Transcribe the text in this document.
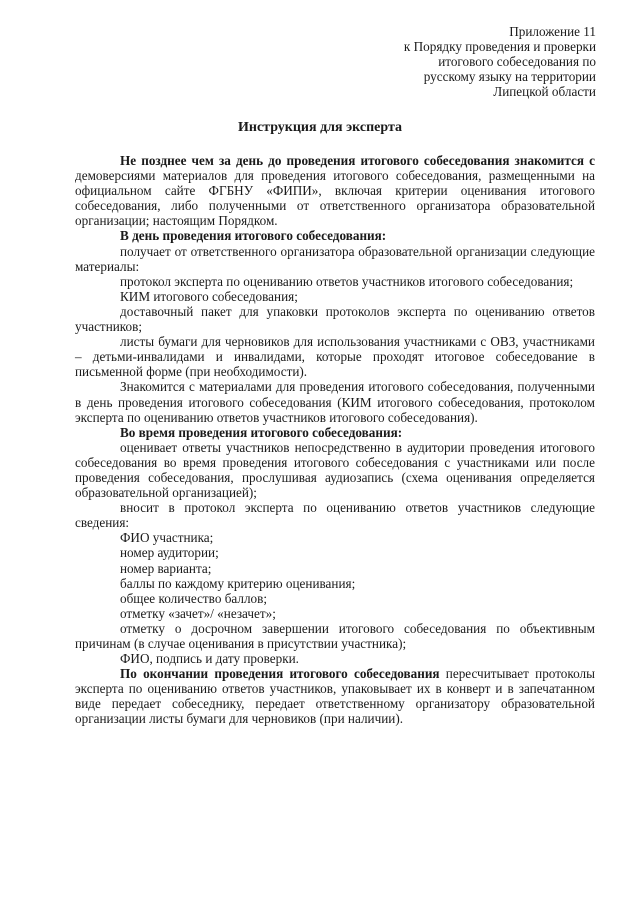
Приложение 11
к Порядку проведения и проверки
итогового собеседования по
русскому языку на территории
Липецкой области
Инструкция для эксперта

Не позднее чем за день до проведения итогового собеседования знакомится с демоверсиями материалов для проведения итогового собеседования, размещенными на официальном сайте ФГБНУ «ФИПИ», включая критерии оценивания итогового собеседования, либо полученными от ответственного организатора образовательной организации; настоящим Порядком.

В день проведения итогового собеседования:

получает от ответственного организатора образовательной организации следующие материалы:

протокол эксперта по оцениванию ответов участников итогового собеседования;

КИМ итогового собеседования;

доставочный пакет для упаковки протоколов эксперта по оцениванию ответов участников;

листы бумаги для черновиков для использования участниками с ОВЗ, участниками – детьми-инвалидами и инвалидами, которые проходят итоговое собеседование в письменной форме (при необходимости).

Знакомится с материалами для проведения итогового собеседования, полученными в день проведения итогового собеседования (КИМ итогового собеседования, протоколом эксперта по оцениванию ответов участников итогового собеседования).

Во время проведения итогового собеседования:

оценивает ответы участников непосредственно в аудитории проведения итогового собеседования во время проведения итогового собеседования с участниками или после проведения собеседования, прослушивая аудиозапись (схема оценивания определяется образовательной организацией);

вносит в протокол эксперта по оцениванию ответов участников следующие сведения:

ФИО участника;

номер аудитории;

номер варианта;

баллы по каждому критерию оценивания;

общее количество баллов;

отметку «зачет»/ «незачет»;

отметку о досрочном завершении итогового собеседования по объективным причинам (в случае оценивания в присутствии участника);

ФИО, подпись и дату проверки.

По окончании проведения итогового собеседования пересчитывает протоколы эксперта по оцениванию ответов участников, упаковывает их в конверт и в запечатанном виде передает собеседнику, передает ответственному организатору образовательной организации листы бумаги для черновиков (при наличии).
